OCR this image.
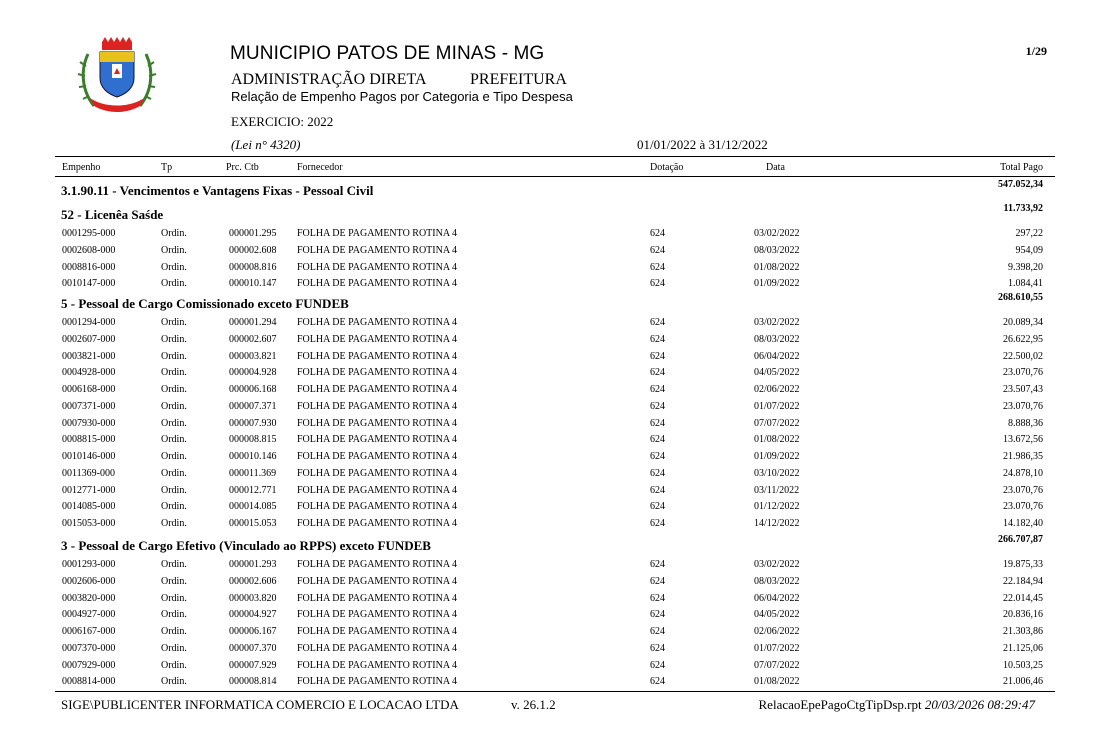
MUNICIPIO PATOS DE MINAS - MG
ADMINISTRAÇÃO DIRETA	PREFEITURA
Relação de Empenho Pagos por Categoria e Tipo Despesa
EXERCICIO: 2022
(Lei n° 4320)	01/01/2022 à 31/12/2022
1/29
Empenho	Tp	Prc. Ctb	Fornecedor	Dotação	Data	Total Pago
3.1.90.11 - Vencimentos e Vantagens Fixas - Pessoal Civil	547.052,34
52 - Licenêa Saśde	11.733,92
0001295-000	Ordin.	000001.295 FOLHA DE PAGAMENTO ROTINA 4	624	03/02/2022	297,22
0002608-000	Ordin.	000002.608 FOLHA DE PAGAMENTO ROTINA 4	624	08/03/2022	954,09
0008816-000	Ordin.	000008.816 FOLHA DE PAGAMENTO ROTINA 4	624	01/08/2022	9.398,20
0010147-000	Ordin.	000010.147 FOLHA DE PAGAMENTO ROTINA 4	624	01/09/2022	1.084,41
5 - Pessoal de Cargo Comissionado exceto FUNDEB	268.610,55
0001294-000	Ordin.	000001.294 FOLHA DE PAGAMENTO ROTINA 4	624	03/02/2022	20.089,34
0002607-000	Ordin.	000002.607 FOLHA DE PAGAMENTO ROTINA 4	624	08/03/2022	26.622,95
0003821-000	Ordin.	000003.821 FOLHA DE PAGAMENTO ROTINA 4	624	06/04/2022	22.500,02
0004928-000	Ordin.	000004.928 FOLHA DE PAGAMENTO ROTINA 4	624	04/05/2022	23.070,76
0006168-000	Ordin.	000006.168 FOLHA DE PAGAMENTO ROTINA 4	624	02/06/2022	23.507,43
0007371-000	Ordin.	000007.371 FOLHA DE PAGAMENTO ROTINA 4	624	01/07/2022	23.070,76
0007930-000	Ordin.	000007.930 FOLHA DE PAGAMENTO ROTINA 4	624	07/07/2022	8.888,36
0008815-000	Ordin.	000008.815 FOLHA DE PAGAMENTO ROTINA 4	624	01/08/2022	13.672,56
0010146-000	Ordin.	000010.146 FOLHA DE PAGAMENTO ROTINA 4	624	01/09/2022	21.986,35
0011369-000	Ordin.	000011.369 FOLHA DE PAGAMENTO ROTINA 4	624	03/10/2022	24.878,10
0012771-000	Ordin.	000012.771 FOLHA DE PAGAMENTO ROTINA 4	624	03/11/2022	23.070,76
0014085-000	Ordin.	000014.085 FOLHA DE PAGAMENTO ROTINA 4	624	01/12/2022	23.070,76
0015053-000	Ordin.	000015.053 FOLHA DE PAGAMENTO ROTINA 4	624	14/12/2022	14.182,40
3 - Pessoal de Cargo Efetivo (Vinculado ao RPPS) exceto FUNDEB	266.707,87
0001293-000	Ordin.	000001.293 FOLHA DE PAGAMENTO ROTINA 4	624	03/02/2022	19.875,33
0002606-000	Ordin.	000002.606 FOLHA DE PAGAMENTO ROTINA 4	624	08/03/2022	22.184,94
0003820-000	Ordin.	000003.820 FOLHA DE PAGAMENTO ROTINA 4	624	06/04/2022	22.014,45
0004927-000	Ordin.	000004.927 FOLHA DE PAGAMENTO ROTINA 4	624	04/05/2022	20.836,16
0006167-000	Ordin.	000006.167 FOLHA DE PAGAMENTO ROTINA 4	624	02/06/2022	21.303,86
0007370-000	Ordin.	000007.370 FOLHA DE PAGAMENTO ROTINA 4	624	01/07/2022	21.125,06
0007929-000	Ordin.	000007.929 FOLHA DE PAGAMENTO ROTINA 4	624	07/07/2022	10.503,25
0008814-000	Ordin.	000008.814 FOLHA DE PAGAMENTO ROTINA 4	624	01/08/2022	21.006,46
SIGE\PUBLICENTER INFORMATICA COMERCIO E LOCACAO LTDA	v. 26.1.2	RelacaoEpePagoCtgTipDsp.rpt 20/03/2026 08:29:47
